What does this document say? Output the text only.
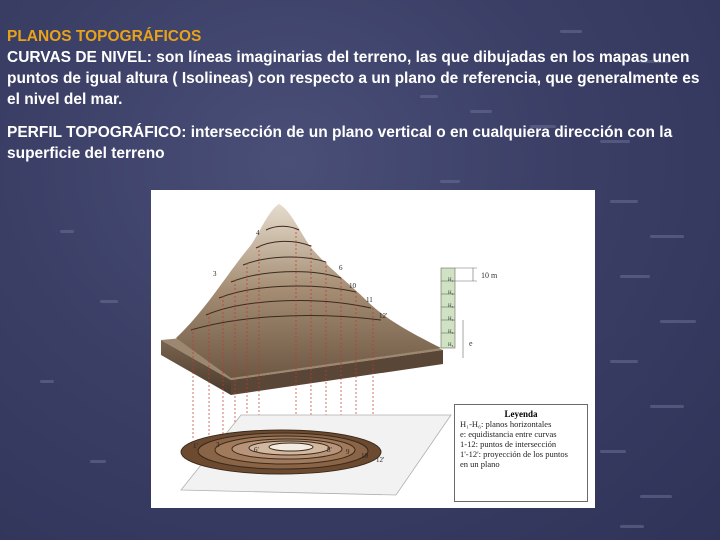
PLANOS TOPOGRÁFICOS
CURVAS DE NIVEL: son líneas imaginarias del terreno, las que dibujadas en los mapas unen puntos de igual altura ( Isolineas) con respecto a un plano de referencia, que generalmente es el nivel del mar.
PERFIL TOPOGRÁFICO: intersección de un plano vertical o en cualquiera dirección con la superficie del terreno
3
4
6
10
11
12'
1'	3
6'	8' 9 10 12'
H₁
H₂
H₃
H₄
H₅
H₆
10 m
e
Leyenda
H₁-H₆: planos horizontales
e: equidistancia entre curvas
1-12: puntos de intersección
1'-12': proyección de los puntos
en un plano
